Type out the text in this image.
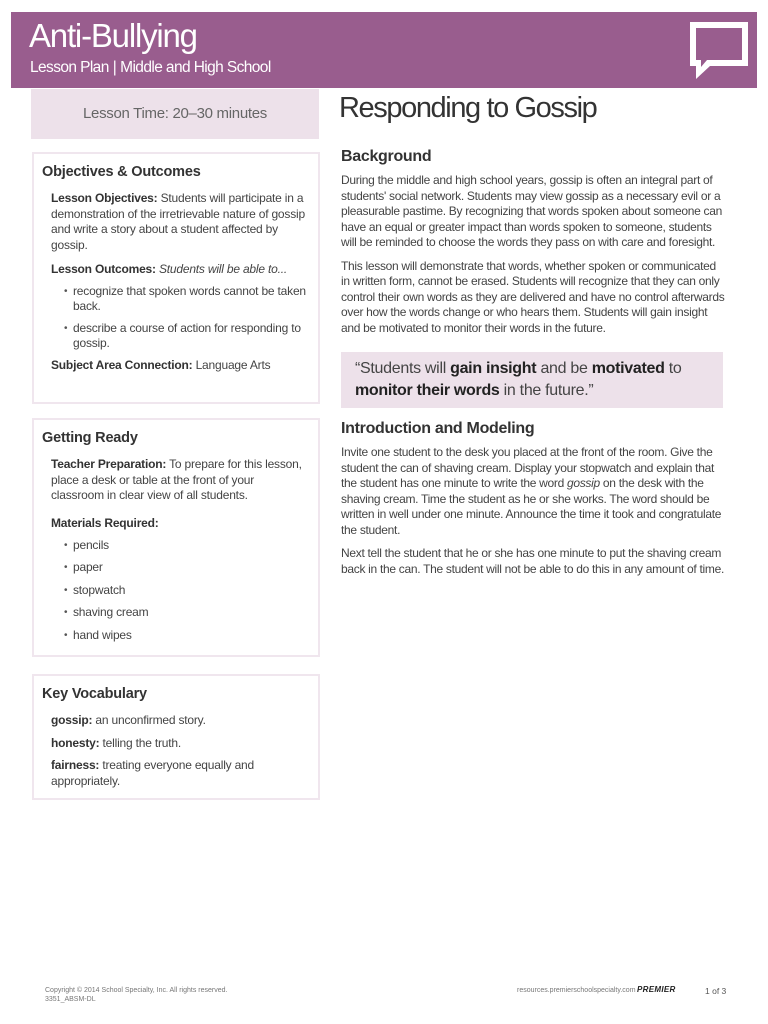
Anti-Bullying
Lesson Plan | Middle and High School
Lesson Time: 20–30 minutes	Responding to Gossip
Objectives & Outcomes

Lesson Objectives: Students will participate in a demonstration of the irretrievable nature of gossip and write a story about a student affected by gossip.

Lesson Outcomes: Students will be able to...

• recognize that spoken words cannot be taken back.
• describe a course of action for responding to gossip.

Subject Area Connection: Language Arts

Getting Ready

Teacher Preparation: To prepare for this lesson, place a desk or table at the front of your classroom in clear view of all students.

Materials Required:
• pencils
• paper
• stopwatch
• shaving cream
• hand wipes
Key Vocabulary

gossip: an unconfirmed story.

honesty: telling the truth.

fairness: treating everyone equally and appropriately.

Background

During the middle and high school years, gossip is often an integral part of students' social network. Students may view gossip as a necessary evil or a pleasurable pastime. By recognizing that words spoken about someone can have an equal or greater impact than words spoken to someone, students will be reminded to choose the words they pass on with care and foresight.

This lesson will demonstrate that words, whether spoken or communicated in written form, cannot be erased. Students will recognize that they can only control their own words as they are delivered and have no control afterwards over how the words change or who hears them. Students will gain insight and be motivated to monitor their words in the future.

“Students will gain insight and be motivated to monitor their words in the future.”
Introduction and Modeling

Invite one student to the desk you placed at the front of the room. Give the student the can of shaving cream. Display your stopwatch and explain that the student has one minute to write the word gossip on the desk with the shaving cream. Time the student as he or she works. The word should be written in well under one minute. Announce the time it took and congratulate the student.

Next tell the student that he or she has one minute to put the shaving cream back in the can. The student will not be able to do this in any amount of time.

Copyright © 2014 School Specialty, Inc. All rights reserved.
3351_ABSM-DL
resources.premierschoolspecialty.com PREMIER	1 of 3
